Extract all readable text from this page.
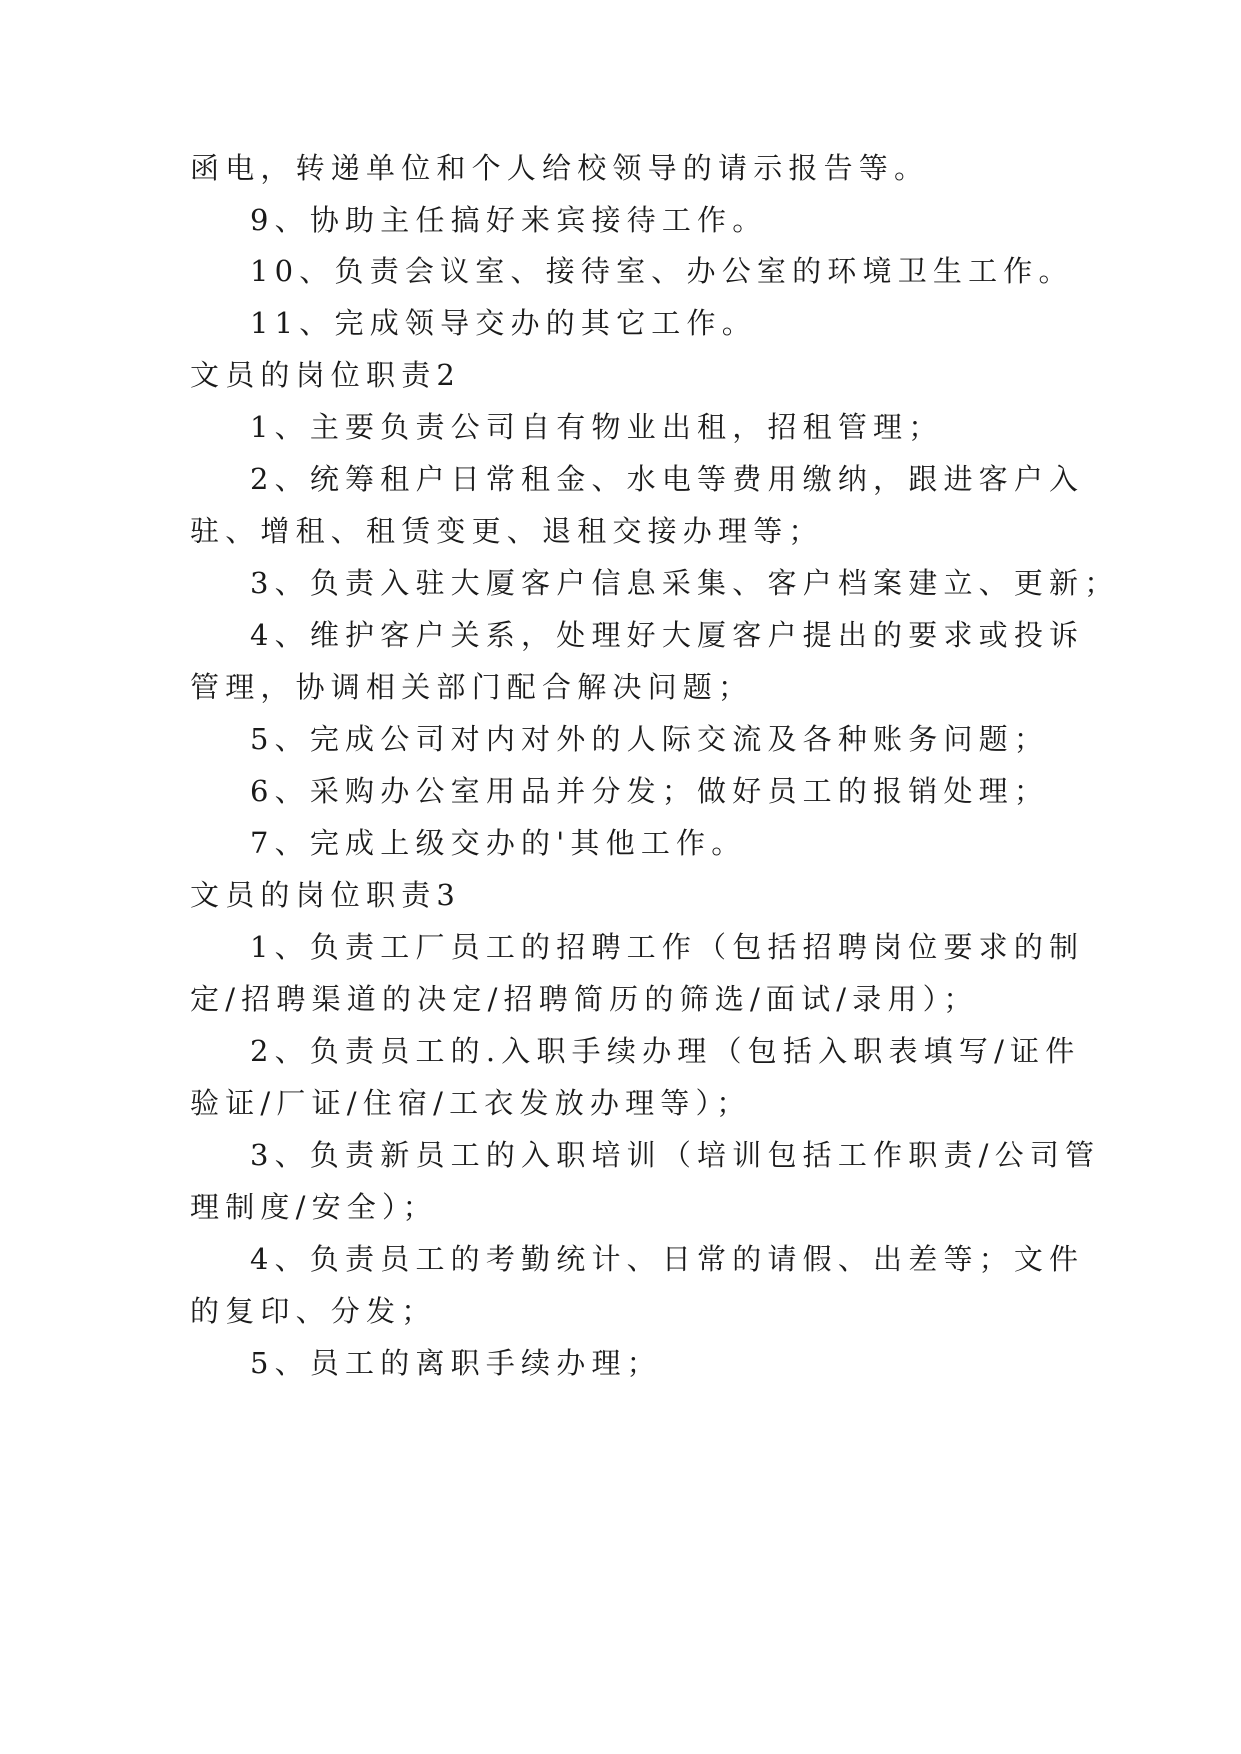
函电，转递单位和个人给校领导的请示报告等。

9、协助主任搞好来宾接待工作。

10、负责会议室、接待室、办公室的环境卫生工作。

11、完成领导交办的其它工作。

文员的岗位职责2

1、主要负责公司自有物业出租，招租管理；

2、统筹租户日常租金、水电等费用缴纳，跟进客户入

驻、增租、租赁变更、退租交接办理等；

3、负责入驻大厦客户信息采集、客户档案建立、更新；

4、维护客户关系，处理好大厦客户提出的要求或投诉

管理，协调相关部门配合解决问题；

5、完成公司对内对外的人际交流及各种账务问题；

6、采购办公室用品并分发；做好员工的报销处理；

7、完成上级交办的'其他工作。

文员的岗位职责3

1、负责工厂员工的招聘工作（包括招聘岗位要求的制

定/招聘渠道的决定/招聘简历的筛选/面试/录用）；

2、负责员工的.入职手续办理（包括入职表填写/证件

验证/厂证/住宿/工衣发放办理等）；

3、负责新员工的入职培训（培训包括工作职责/公司管

理制度/安全）；

4、负责员工的考勤统计、日常的请假、出差等；文件

的复印、分发；

5、员工的离职手续办理；
